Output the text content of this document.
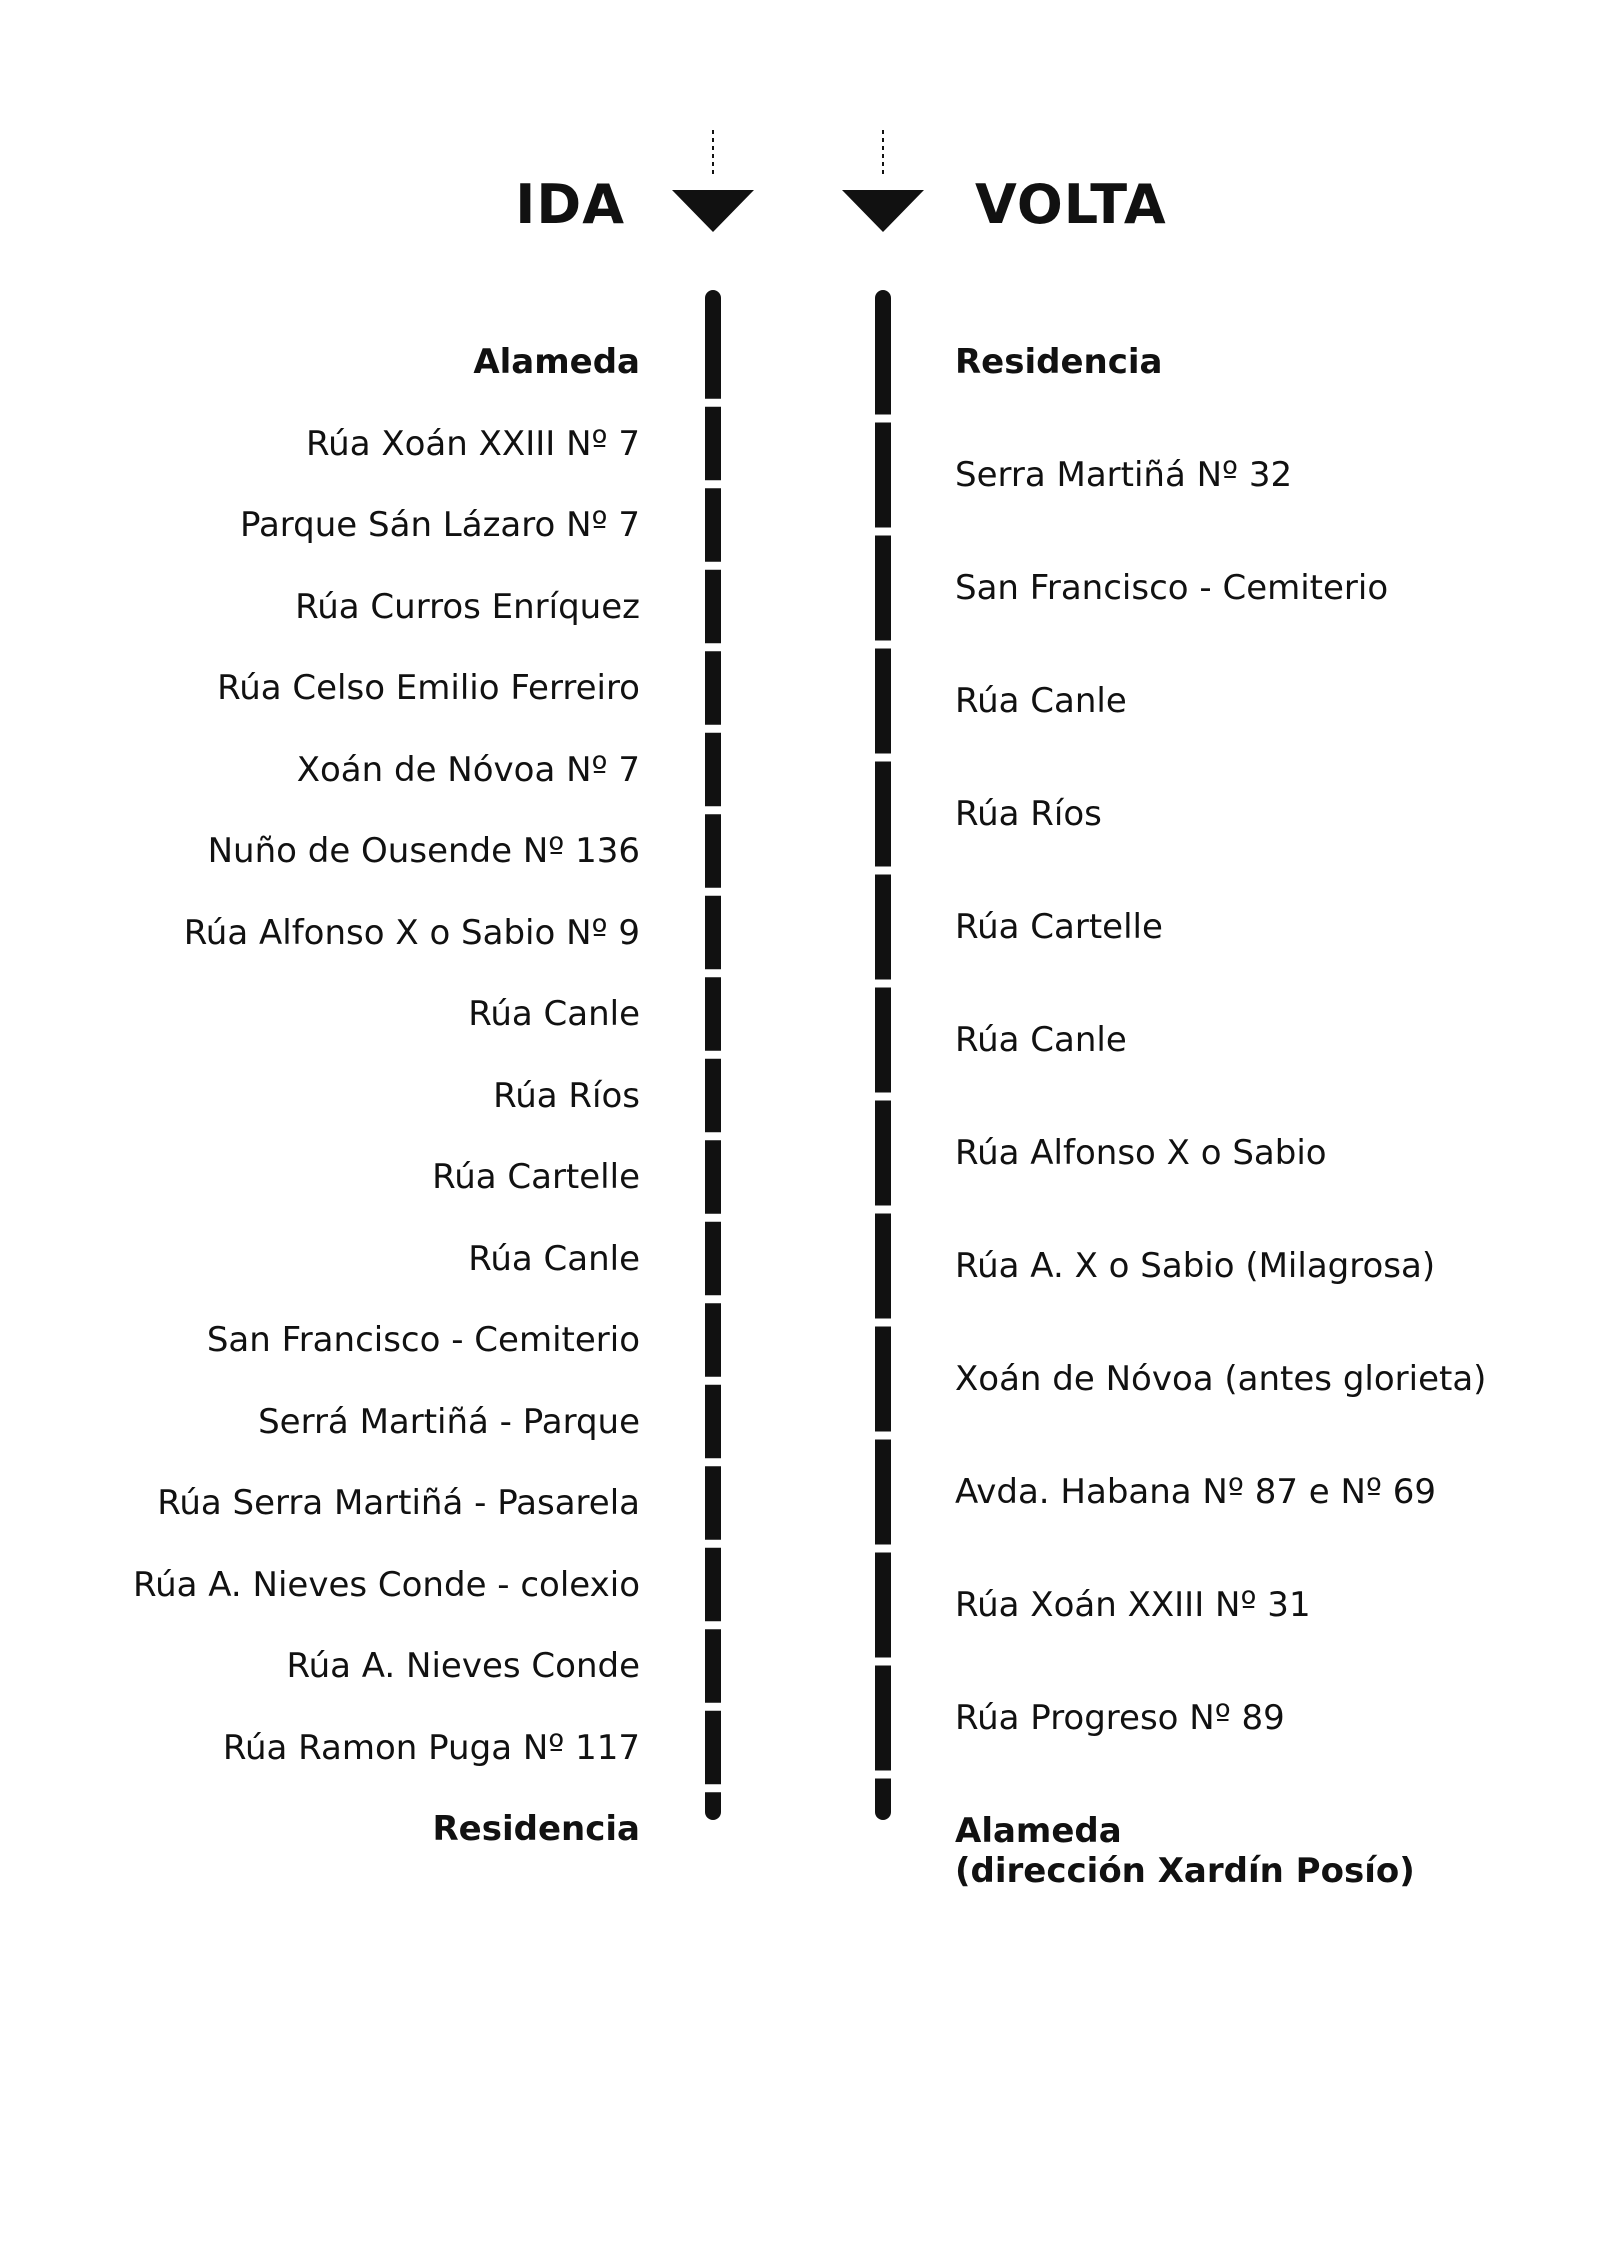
IDA	VOLTA
Alameda
Rúa Xoán XXIII Nº 7
Parque Sán Lázaro Nº 7
Rúa Curros Enríquez
Rúa Celso Emilio Ferreiro
Xoán de Nóvoa Nº 7
Nuño de Ousende Nº 136
Rúa Alfonso X o Sabio Nº 9
Rúa Canle
Rúa Ríos
Rúa Cartelle
Rúa Canle
San Francisco - Cemiterio
Serrá Martiñá - Parque
Rúa Serra Martiñá - Pasarela
Rúa A. Nieves Conde - colexio
Rúa A. Nieves Conde
Rúa Ramon Puga Nº 117
Residencia
Residencia
Serra Martiñá Nº 32
San Francisco - Cemiterio
Rúa Canle
Rúa Ríos
Rúa Cartelle
Rúa Canle
Rúa Alfonso X o Sabio
Rúa A. X o Sabio (Milagrosa)
Xoán de Nóvoa (antes glorieta)
Avda. Habana Nº 87 e Nº 69
Rúa Xoán XXIII Nº 31
Rúa Progreso Nº 89
Alameda
(dirección Xardín Posío)
